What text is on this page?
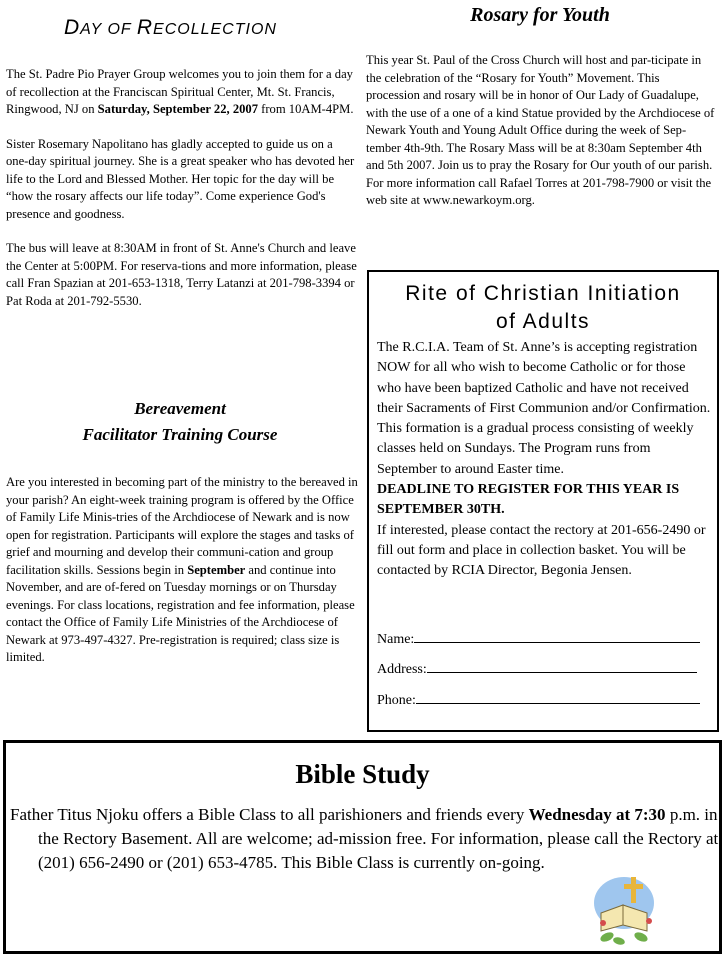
DAY OF RECOLLECTION

The St. Padre Pio Prayer Group welcomes you to join them for a day of recollection at the Franciscan Spiritual Center, Mt. St. Francis, Ringwood, NJ on Saturday, September 22, 2007 from 10AM-4PM.

Sister Rosemary Napolitano has gladly accepted to guide us on a one-day spiritual journey. She is a great speaker who has devoted her life to the Lord and Blessed Mother. Her topic for the day will be “how the rosary affects our life today”. Come experience God's presence and goodness.

The bus will leave at 8:30AM in front of St. Anne's Church and leave the Center at 5:00PM. For reserva-tions and more information, please call Fran Spazian at 201-653-1318, Terry Latanzi at 201-798-3394 or Pat Roda at 201-792-5530.

Bereavement
Facilitator Training Course

Are you interested in becoming part of the ministry to the bereaved in your parish? An eight-week training program is offered by the Office of Family Life Minis-tries of the Archdiocese of Newark and is now open for registration. Participants will explore the stages and tasks of grief and mourning and develop their communi-cation and group facilitation skills. Sessions begin in September and continue into November, and are of-fered on Tuesday mornings or on Thursday evenings. For class locations, registration and fee information, please contact the Office of Family Life Ministries of the Archdiocese of Newark at 973-497-4327. Pre-registration is required; class size is limited.

Rosary for Youth

This year St. Paul of the Cross Church will host and par-ticipate in the celebration of the “Rosary for Youth” Movement. This procession and rosary will be in honor of Our Lady of Guadalupe, with the use of a one of a kind Statue provided by the Archdiocese of Newark Youth and Young Adult Office during the week of Sep-tember 4th-9th. The Rosary Mass will be at 8:30am September 4th and 5th 2007. Join us to pray the Rosary for Our youth of our parish. For more information call Rafael Torres at 201-798-7900 or visit the web site at www.newarkoym.org.

Rite of Christian Initiation
of Adults
The R.C.I.A. Team of St. Anne’s is accepting registration NOW for all who wish to become Catholic or for those who have been baptized Catholic and have not received their Sacraments of First Communion and/or Confirmation.
This formation is a gradual process consisting of weekly classes held on Sundays. The Program runs from September to around Easter time.
DEADLINE TO REGISTER FOR THIS YEAR IS SEPTEMBER 30TH.
If interested, please contact the rectory at 201-656-2490 or fill out form and place in collection basket. You will be contacted by RCIA Director, Begonia Jensen.
Name:
Address:
Phone:
Bible Study
Father Titus Njoku offers a Bible Class to all parishioners and friends every Wednesday at 7:30 p.m. in the Rectory Basement. All are welcome; ad-mission free. For information, please call the Rectory at (201) 656-2490 or (201) 653-4785. This Bible Class is currently on-going.
